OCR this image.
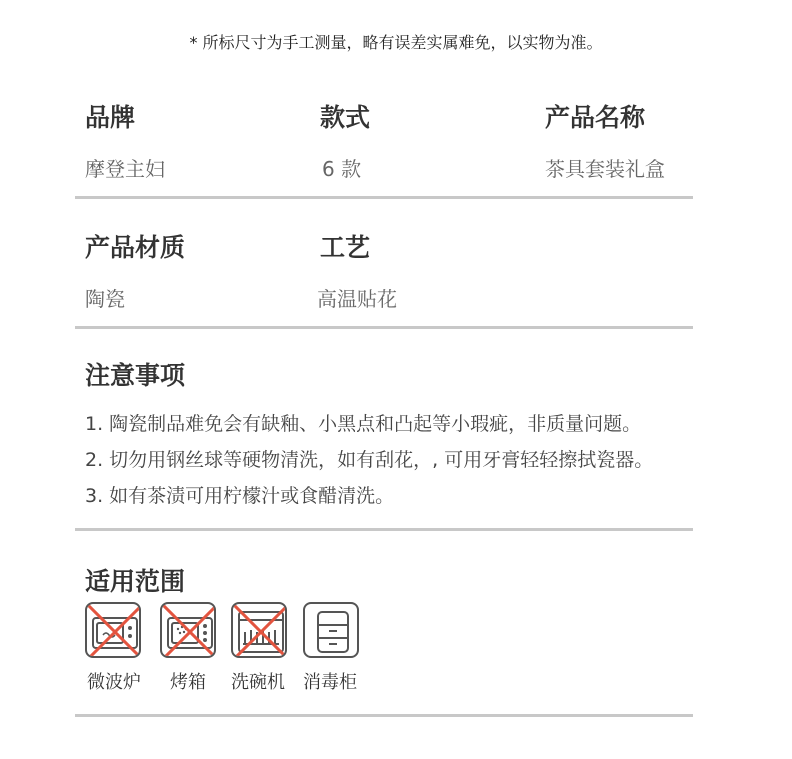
* 所标尺寸为手工测量，略有误差实属难免，以实物为准。
品牌
摩登主妇
款式
6 款
产品名称
茶具套装礼盒
产品材质
陶瓷
工艺
高温贴花
注意事项
1. 陶瓷制品难免会有缺釉、小黑点和凸起等小瑕疵，非质量问题。
2. 切勿用钢丝球等硬物清洗，如有刮花，, 可用牙膏轻轻擦拭瓷器。
3. 如有茶渍可用柠檬汁或食醋清洗。
适用范围
微波炉 烤箱 洗碗机 消毒柜
